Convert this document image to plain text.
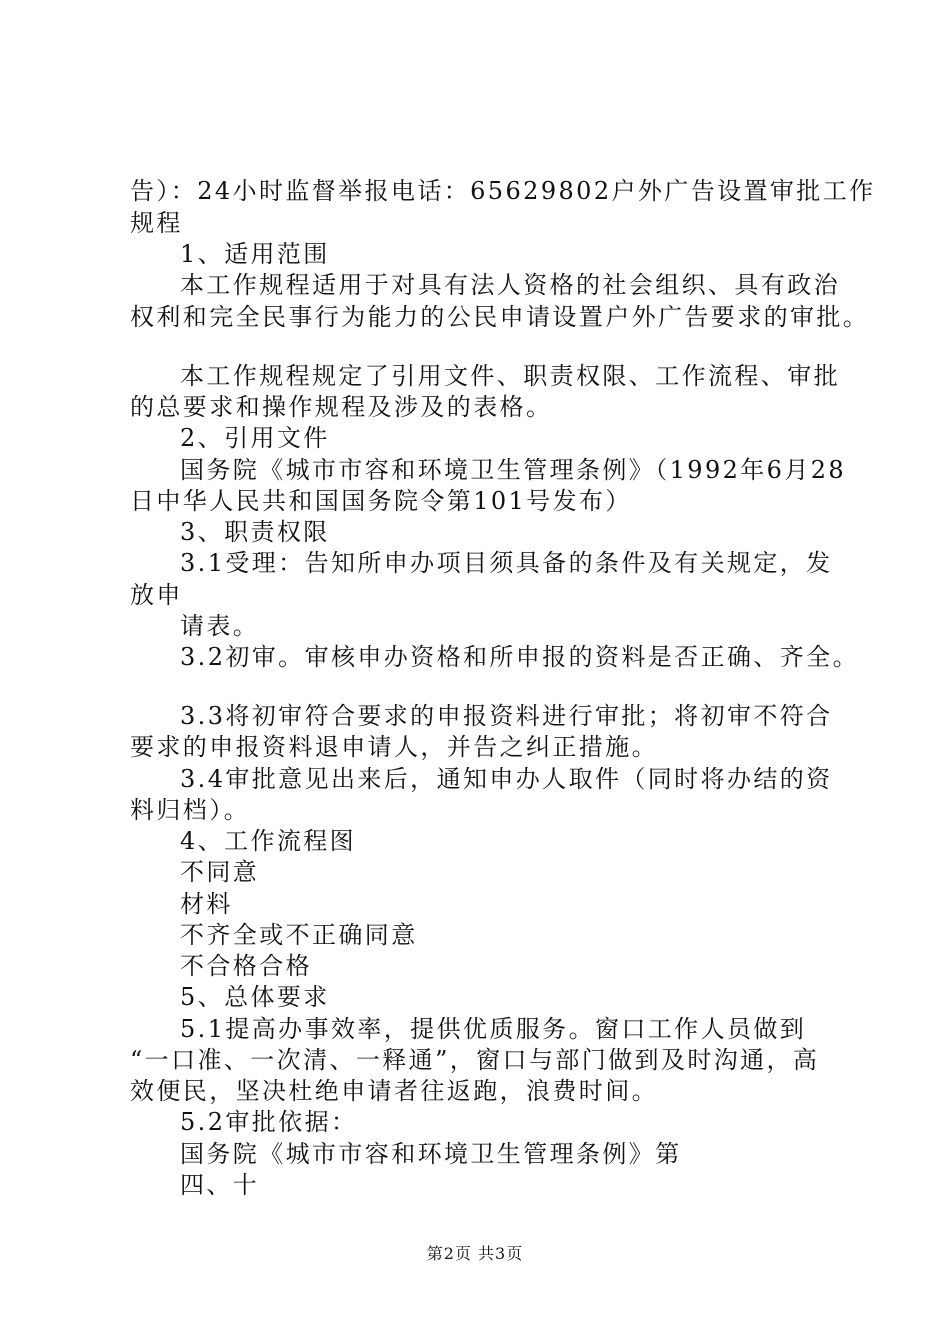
告）：24小时监督举报电话：65629802户外广告设置审批工作
规程
1、适用范围
本工作规程适用于对具有法人资格的社会组织、具有政治
权利和完全民事行为能力的公民申请设置户外广告要求的审批。
本工作规程规定了引用文件、职责权限、工作流程、审批
的总要求和操作规程及涉及的表格。
2、引用文件
国务院《城市市容和环境卫生管理条例》（1992年6月28
日中华人民共和国国务院令第101号发布）
3、职责权限
3.1受理：告知所申办项目须具备的条件及有关规定，发
放申
请表。
3.2初审。审核申办资格和所申报的资料是否正确、齐全。
3.3将初审符合要求的申报资料进行审批；将初审不符合
要求的申报资料退申请人，并告之纠正措施。
3.4审批意见出来后，通知申办人取件（同时将办结的资
料归档）。
4、工作流程图
不同意
材料
不齐全或不正确同意
不合格合格
5、总体要求
5.1提高办事效率，提供优质服务。窗口工作人员做到
“一口准、一次清、一释通”，窗口与部门做到及时沟通，高
效便民，坚决杜绝申请者往返跑，浪费时间。
5.2审批依据：
国务院《城市市容和环境卫生管理条例》第
四、十
第2页 共3页
